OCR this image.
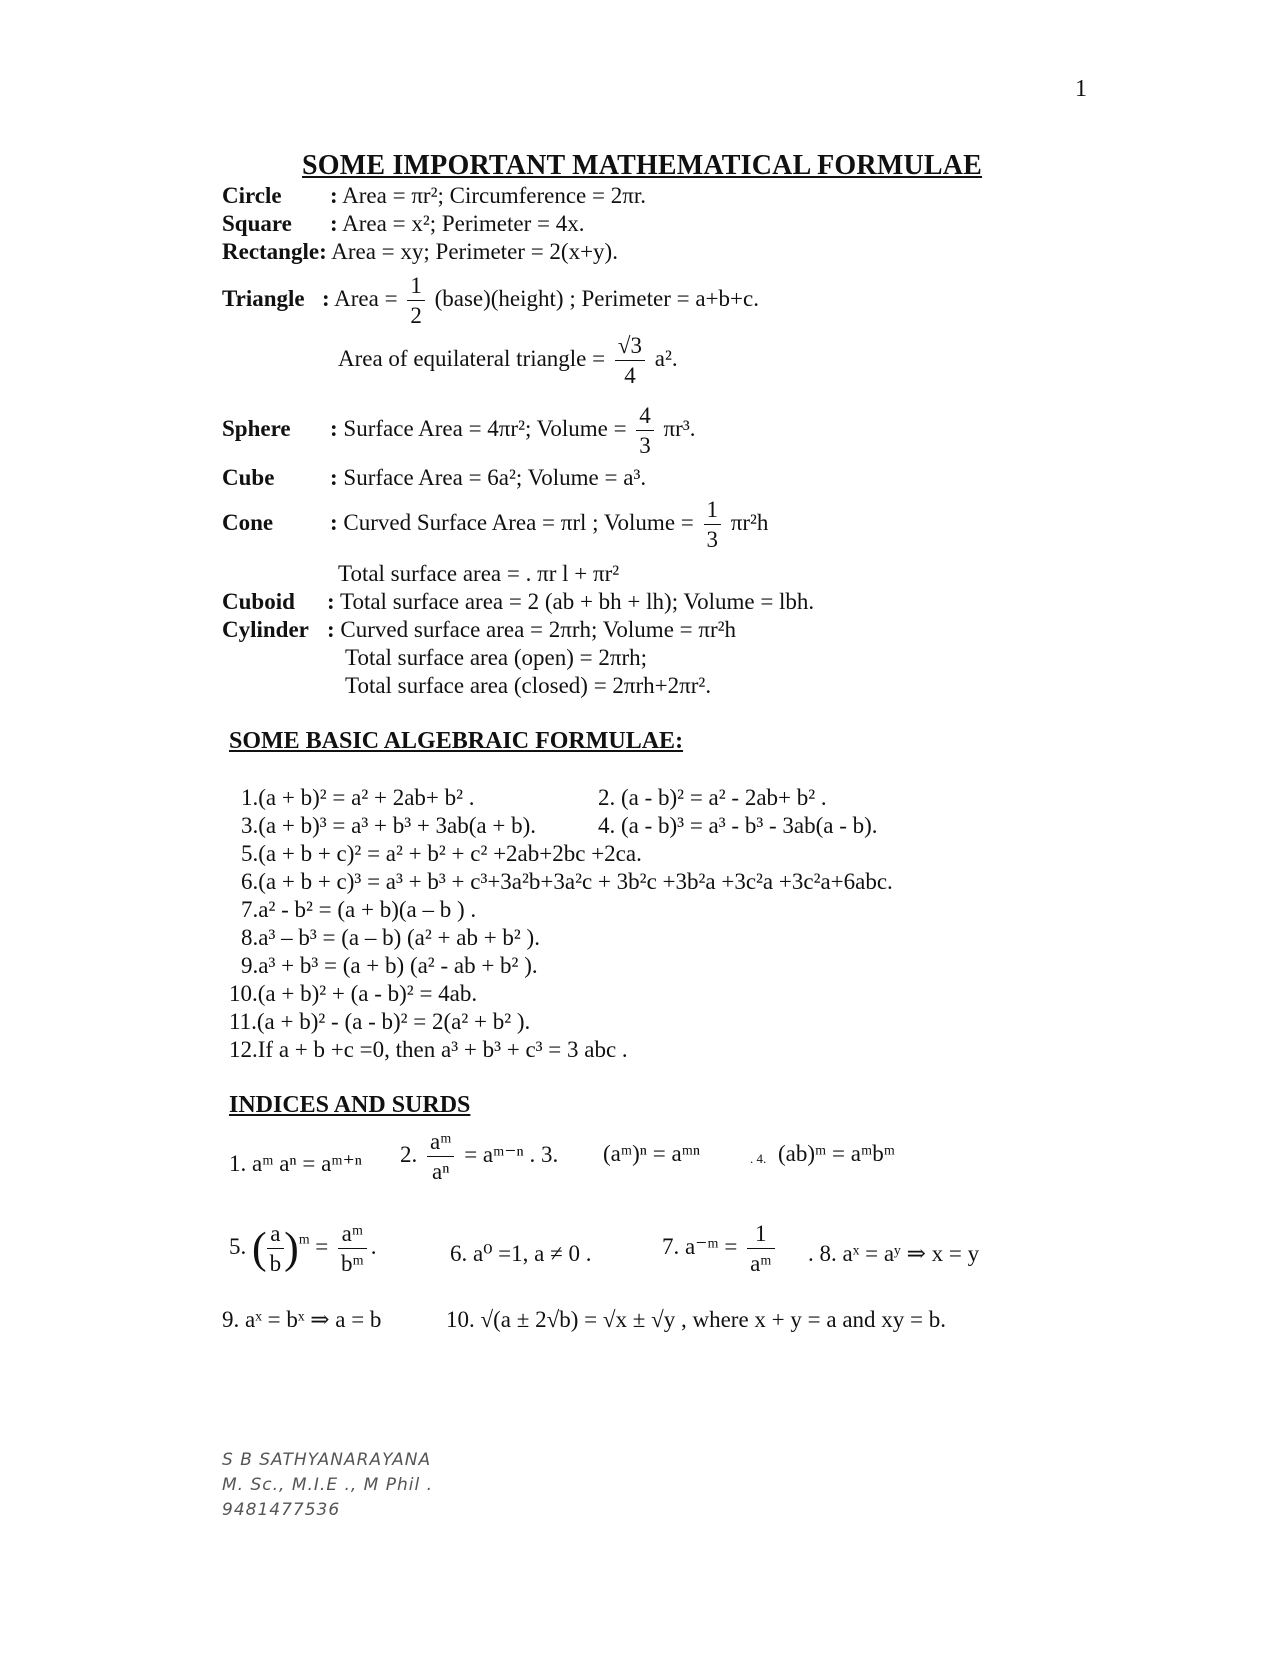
1
SOME IMPORTANT MATHEMATICAL FORMULAE
Circle : Area = πr²; Circumference = 2πr.
Square : Area = x²; Perimeter = 4x.
Rectangle: Area = xy; Perimeter = 2(x+y).
Triangle : Area = $\frac{1}{2}$ (base)(height) ; Perimeter = a+b+c.
Area of equilateral triangle = $\frac{√3}{4} a^2$.
Sphere : Surface Area = 4πr²; Volume = $\frac{4}{3} \pi r^3$.
Cube : Surface Area = 6a²; Volume = a³.
Cone : Curved Surface Area = πrl ; Volume = $\frac{1}{3} \pi r^2h$
Total surface area = . πr l + πr²
Cuboid : Total surface area = 2 (ab + bh + lh); Volume = lbh.
Cylinder : Curved surface area = 2πrh; Volume = πr²h
Total surface area (open) = 2πrh;
Total surface area (closed) = 2πrh+2πr².
SOME BASIC ALGEBRAIC FORMULAE:
1.(a + b)² = a² + 2ab+ b² .	2. (a - b)² = a² - 2ab+ b² .
3.(a + b)³ = a³ + b³ + 3ab(a + b).	4. (a - b)³ = a³ - b³ - 3ab(a - b).
5.(a + b + c)² = a² + b² + c² +2ab+2bc +2ca.
6.(a + b + c)³ = a³ + b³ + c³+3a²b+3a²c + 3b²c +3b²a +3c²a +3c²a+6abc.
7.a² - b² = (a + b)(a – b ) .
8.a³ – b³ = (a – b) (a² + ab + b² ).
9.a³ + b³ = (a + b) (a² - ab + b² ).
10.(a + b)² + (a - b)² = 4ab.
11.(a + b)² - (a - b)² = 2(a² + b² ).
12.If a + b +c =0, then a³ + b³ + c³ = 3 abc .
INDICES AND SURDS
1. aᵐ aⁿ = aᵐ⁺ⁿ 2. $\frac{\text{aᵐ}}{\text{aⁿ}}$ = aᵐ⁻ⁿ . 3. (aᵐ)ⁿ = aᵐⁿ	. 4. (ab)ᵐ = aᵐbᵐ
5. ( $\frac{a}{b} )^m = \frac{\text{aᵐ}}{\text{bᵐ}}$ .	6. a⁰ =1, a ≠ 0 .	7. a⁻ᵐ = $\frac{1}{\text{aᵐ}}$ . 8. aˣ = aʸ ⇒ x = y
9. aˣ = bˣ ⇒ a = b	10. √(a ± 2√b) = √x ± √y , where x + y = a and xy = b.
S B SATHYANARAYANA
M. Sc., M.I.E ., M Phil .
9481477536
